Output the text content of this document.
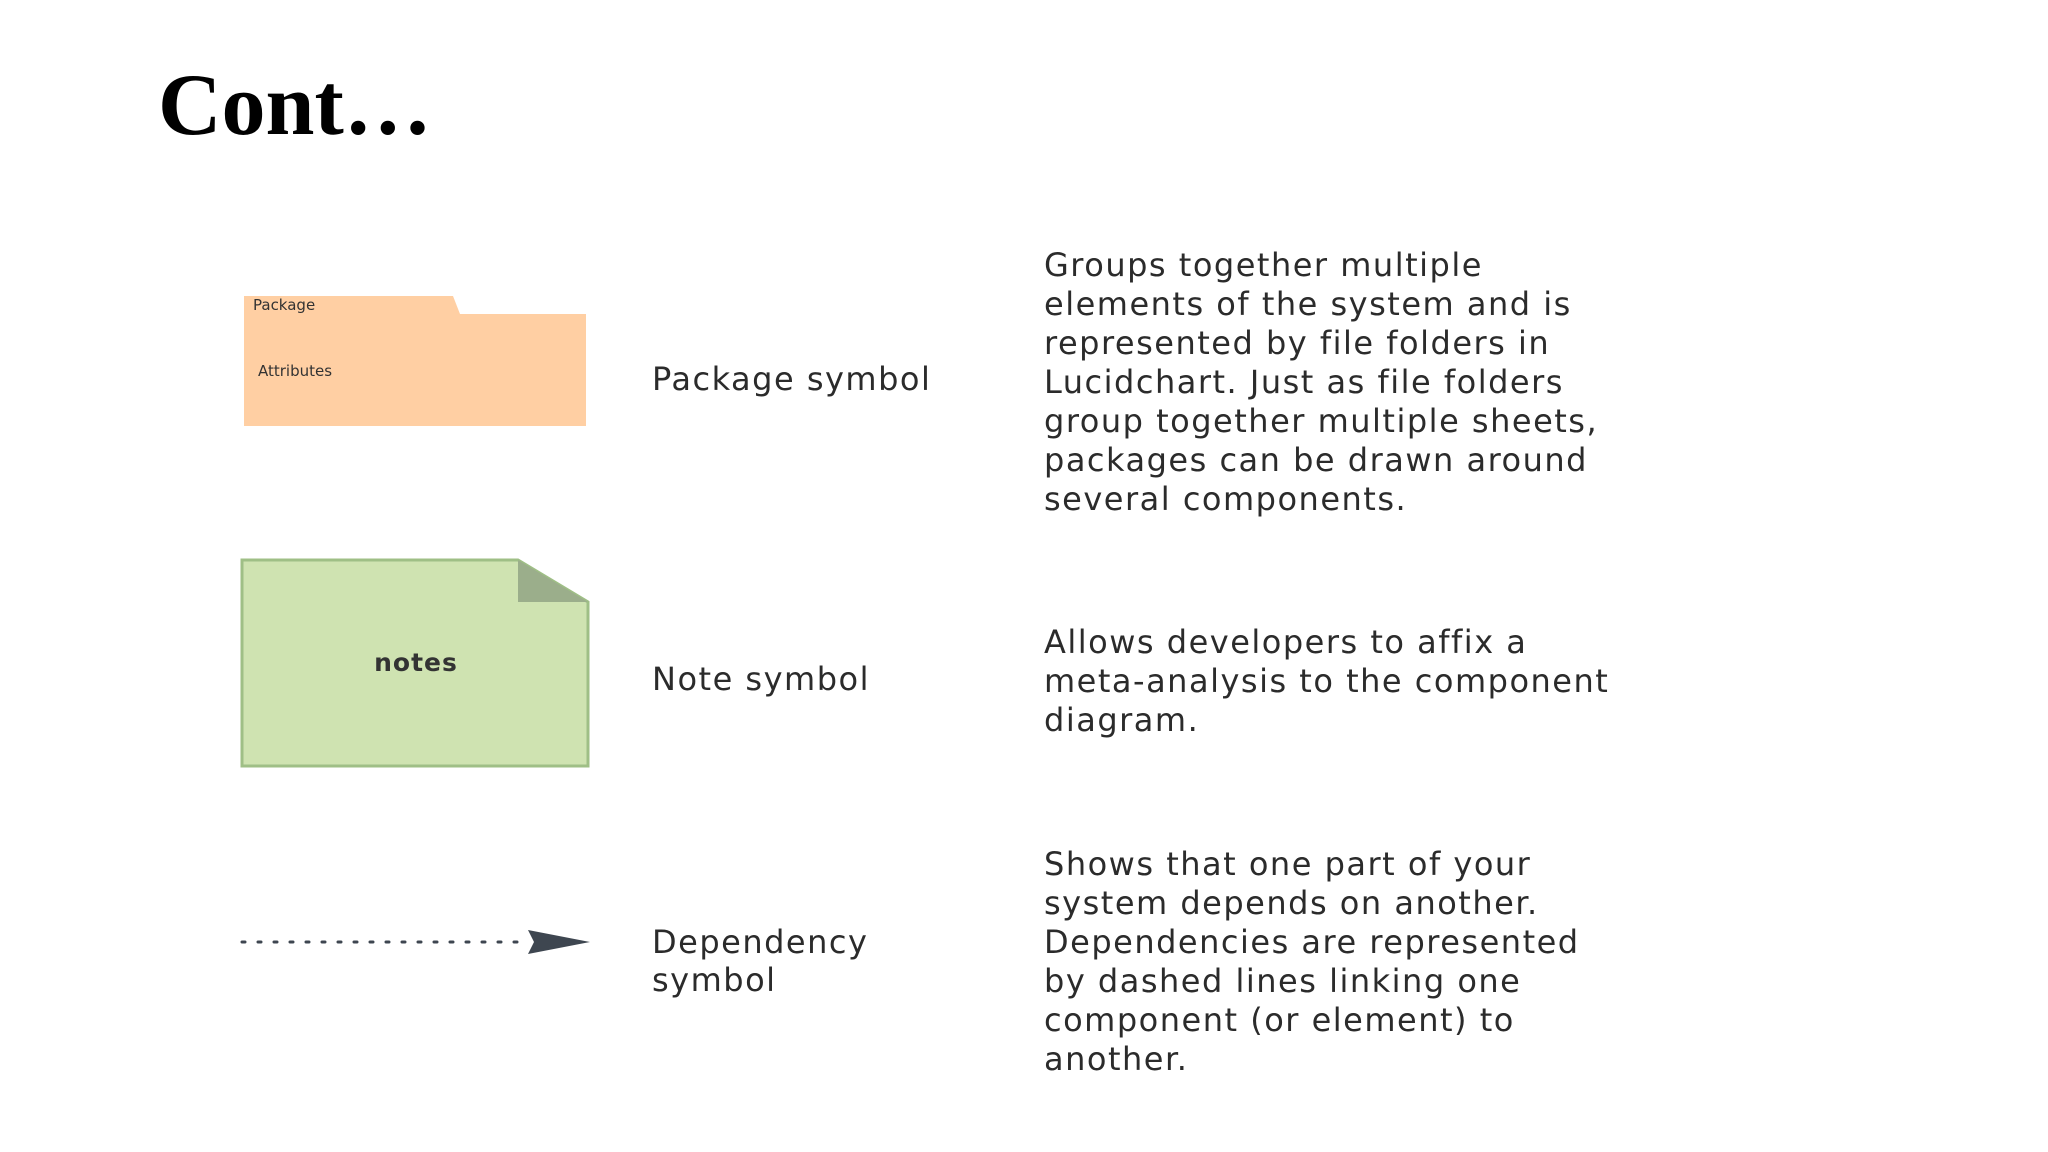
Cont…
Package
Attributes	Package symbol
Groups together multiple
elements of the system and is
represented by file folders in
Lucidchart. Just as file folders
group together multiple sheets,
packages can be drawn around
several components.
notes	Note symbol
Allows developers to affix a
meta-analysis to the component
diagram.
Dependency
symbol
Shows that one part of your
system depends on another.
Dependencies are represented
by dashed lines linking one
component (or element) to
another.
